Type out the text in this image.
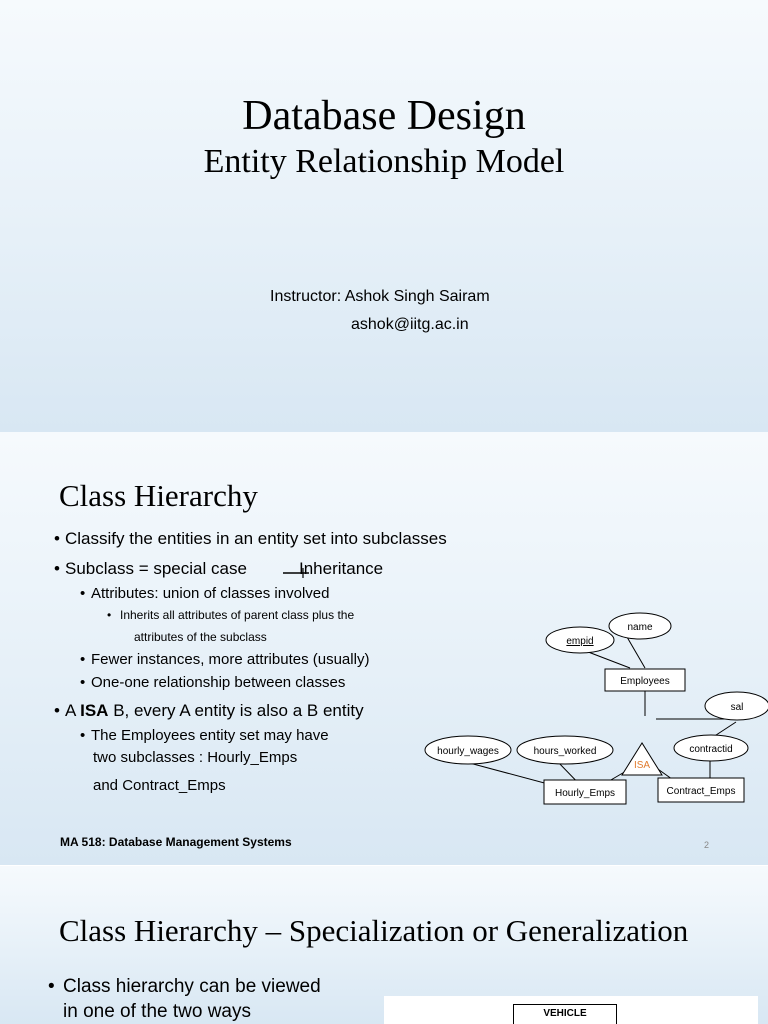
Database Design
Entity Relationship Model
Instructor: Ashok Singh Sairam
ashok@iitg.ac.in
Class Hierarchy
• Classify the entities in an entity set into subclasses
• Subclass = special case	Inheritance
• Attributes: union of classes involved
• Inherits all attributes of parent class plus the
attributes of the subclass
• Fewer instances, more attributes (usually)
• One-one relationship between classes
• A ISA B, every A entity is also a B entity
• The Employees entity set may have
two subclasses : Hourly_Emps
and Contract_Emps
name
empid
Employees
sal
hourly_wages	hours_worked
ISA
contractid
Hourly_Emps	Contract_Emps
MA 518: Database Management Systems	2
Class Hierarchy – Specialization or Generalization
• Class hierarchy can be viewed
in one of the two ways	VEHICLE
